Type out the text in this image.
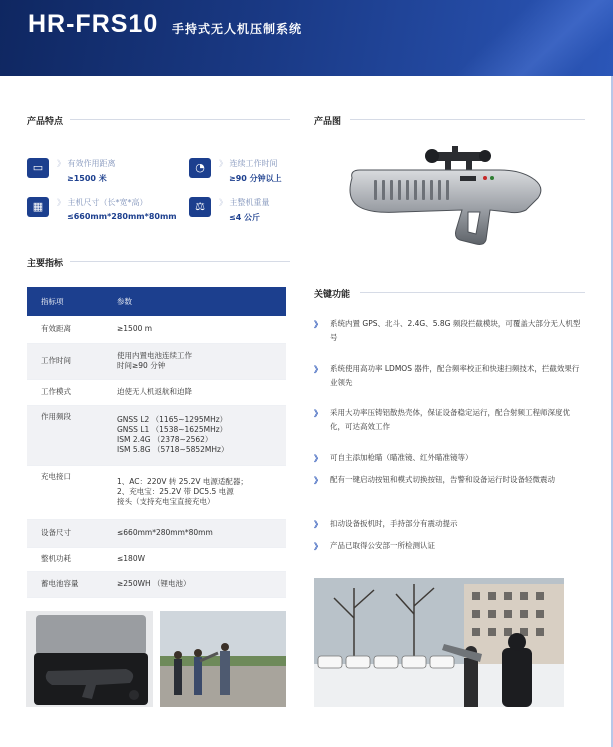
HR-FRS10 手持式无人机压制系统
产品特点
▭	》 有效作用距离
≥1500 米
◔	》 连续工作时间
≥90 分钟以上
▦	》 主机尺寸（长*宽*高）
≤660mm*280mm*80mm
⚖	》 主整机重量
≤4 公斤
产品图
主要指标
指标项	参数
有效距离	≥1500 m
工作时间	使用内置电池连续工作
时间≥90 分钟
工作模式	迫使无人机返航和迫降
作用频段	GNSS L2 （1165~1295MHz）
GNSS L1 （1538~1625MHz）
ISM 2.4G （2378~2562）
ISM 5.8G （5718~5852MHz）
充电接口	1、AC：220V 转 25.2V 电源适配器；
2、充电宝：25.2V 带 DC5.5 电源
接头（支持充电宝直接充电）
设备尺寸	≤660mm*280mm*80mm
整机功耗	≤180W
蓄电池容量	≥250WH （锂电池）
关键功能
》 系统内置 GPS、北斗、2.4G、5.8G 频段拦截模块，可覆盖大部分无人机型号
》 系统使用高功率 LDMOS 器件，配合频率校正和快速扫频技术，拦截效果行业领先
》 采用大功率压铸铝散热壳体，保证设备稳定运行，配合射频工程师深度优化，可达高效工作
》 可自主添加枪瞄（瞄准镜、红外瞄准镜等）
》 配有一键启动按钮和模式切换按钮，告警和设备运行时设备轻微震动
》 扣动设备扳机时，手持部分有震动提示
》 产品已取得公安部一所检测认证
